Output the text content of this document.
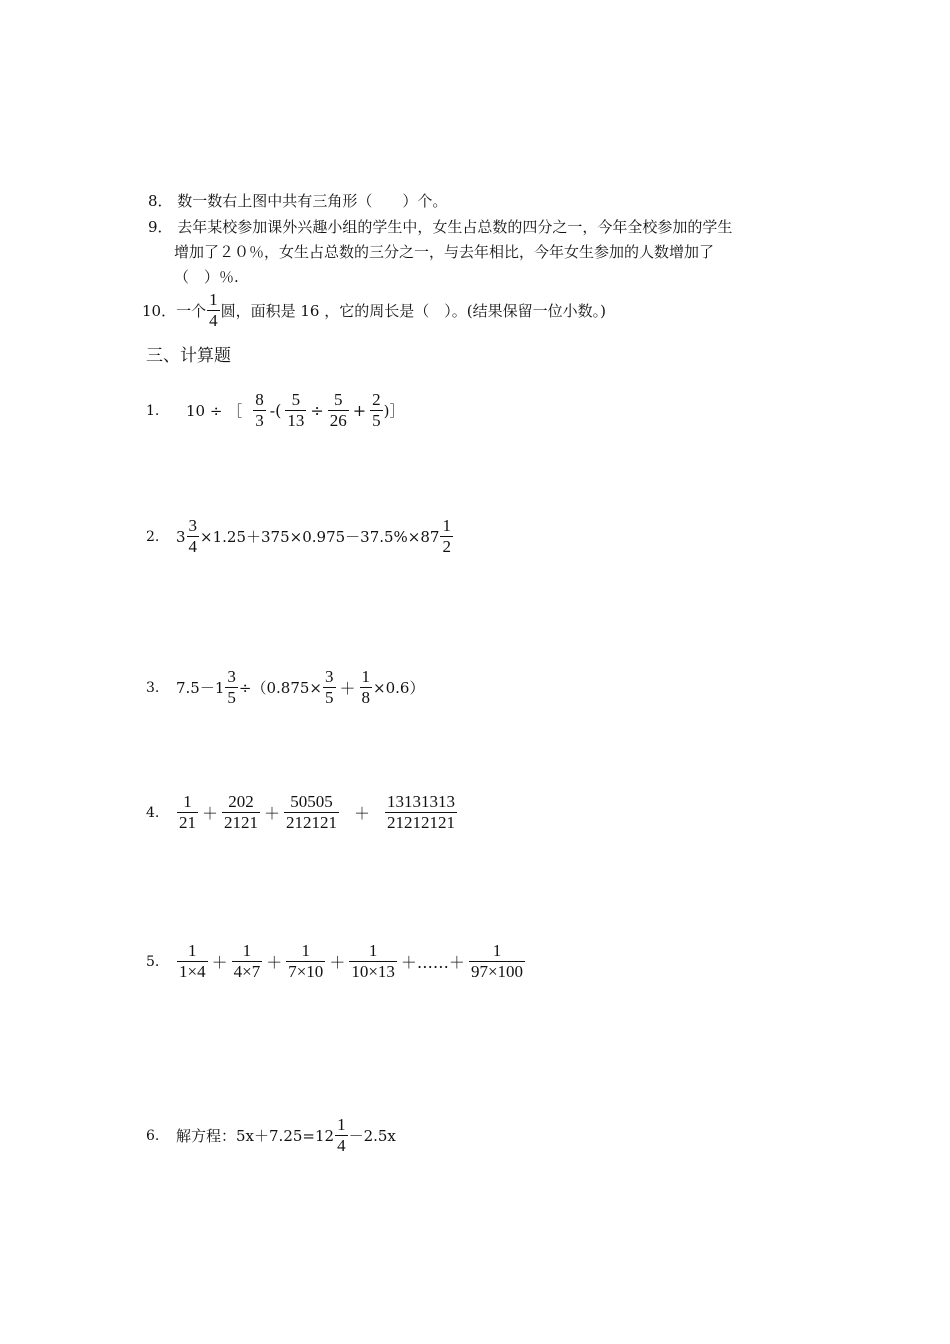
8． 数一数右上图中共有三角形（　　）个。
9． 去年某校参加课外兴趣小组的学生中，女生占总数的四分之一，今年全校参加的学生
增加了２０％，女生占总数的三分之一，与去年相比，今年女生参加的人数增加了
（　）％.
10．一个 $\frac{1}{4}$ 圆，面积是 16 ，它的周长是（　）。(结果保留一位小数。)
三、计算题
1.	10 ÷ ［ $\frac{8}{3}$ -( $\frac{5}{13} \div \frac{5}{26} + \frac{2}{5}$ )］
2.	$3 \frac{3}{4} \times 1.25+375\times 0.975-37.5\%\times 87 \frac{1}{2}$
3.	$7.5-1 \frac{3}{5} \div(0.875\times \frac{3}{5} + \frac{1}{8} \times 0.6)$
4.	$\frac{1}{21} + \frac{202}{2121} + \frac{50505}{212121} + \frac{13131313}{21212121}$
5.	$\frac{1}{1\times 4} + \frac{1}{4\times 7} + \frac{1}{7\times 10} + \frac{1}{10\times 13}$ ＋……＋ $\frac{1}{97\times 100}$
6.	解方程：$5x+7.25=12 \frac{1}{4} -2.5x$
